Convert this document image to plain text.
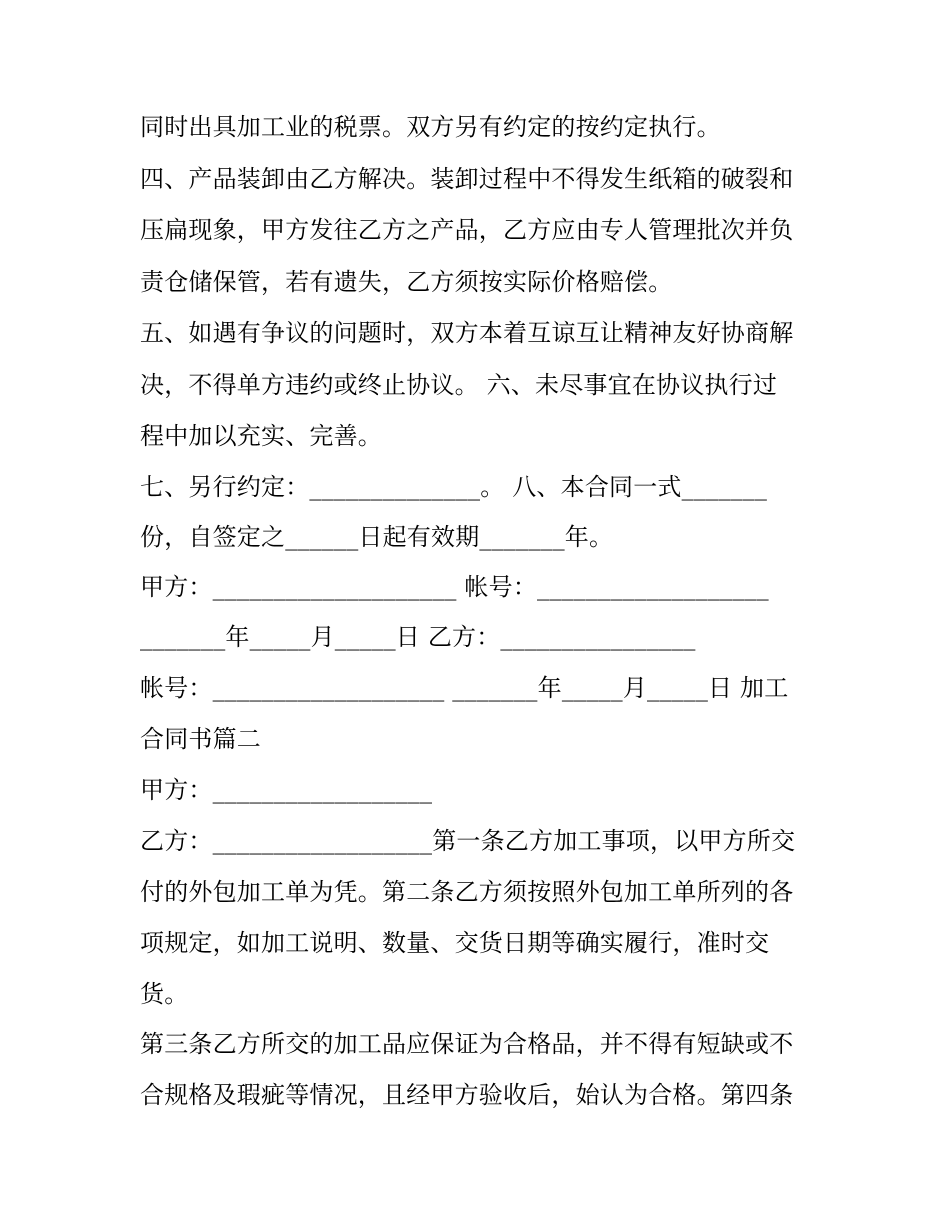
同时出具加工业的税票。双方另有约定的按约定执行。
四、产品装卸由乙方解决。装卸过程中不得发生纸箱的破裂和
压扁现象，甲方发往乙方之产品，乙方应由专人管理批次并负
责仓储保管，若有遗失，乙方须按实际价格赔偿。
五、如遇有争议的问题时，双方本着互谅互让精神友好协商解
决，不得单方违约或终止协议。 六、未尽事宜在协议执行过
程中加以充实、完善。
七、另行约定：______________。 八、本合同一式_______
份，自签定之______日起有效期_______年。
甲方：____________________ 帐号：___________________
_______年_____月_____日 乙方：________________
帐号：___________________ _______年_____月_____日 加工
合同书篇二
甲方：__________________
乙方：__________________第一条乙方加工事项，以甲方所交
付的外包加工单为凭。第二条乙方须按照外包加工单所列的各
项规定，如加工说明、数量、交货日期等确实履行，准时交
货。
第三条乙方所交的加工品应保证为合格品，并不得有短缺或不
合规格及瑕疵等情况，且经甲方验收后，始认为合格。第四条
